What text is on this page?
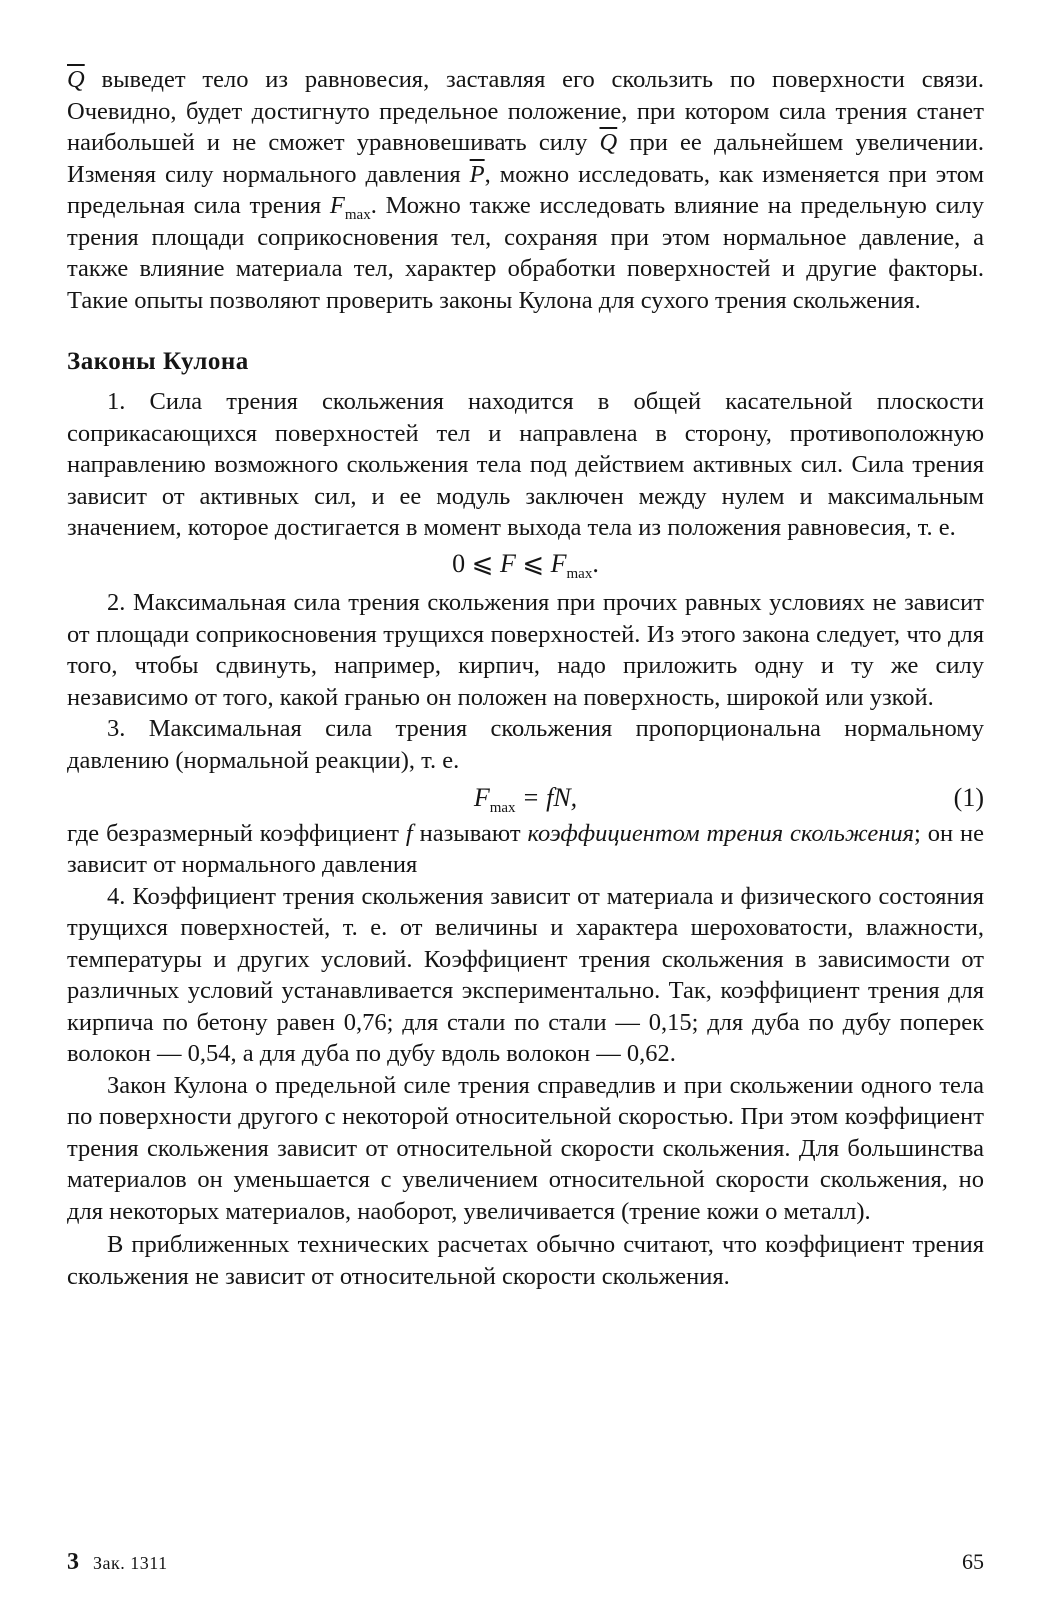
$\overline{Q}$ выведет тело из равновесия, заставляя его скользить по поверхности связи. Очевидно, будет достигнуто предельное положение, при котором сила трения станет наибольшей и не сможет уравновешивать силу $\overline{Q}$ при ее дальнейшем увеличении. Изменяя силу нормального давления $\overline{P}$, можно исследовать, как изменяется при этом предельная сила трения $F_{max}$. Можно также исследовать влияние на предельную силу трения площади соприкосновения тел, сохраняя при этом нормальное давление, а также влияние материала тел, характер обработки поверхностей и другие факторы. Такие опыты позволяют проверить законы Кулона для сухого трения скольжения.

Законы Кулона

1. Сила трения скольжения находится в общей касательной плоскости соприкасающихся поверхностей тел и направлена в сторону, противоположную направлению возможного скольжения тела под действием активных сил. Сила трения зависит от активных сил, и ее модуль заключен между нулем и максимальным значением, которое достигается в момент выхода тела из положения равновесия, т. е.

0 ⩽ F ⩽ $F_{max}$.

2. Максимальная сила трения скольжения при прочих равных условиях не зависит от площади соприкосновения трущихся поверхностей. Из этого закона следует, что для того, чтобы сдвинуть, например, кирпич, надо приложить одну и ту же силу независимо от того, какой гранью он положен на поверхность, широкой или узкой.

3. Максимальная сила трения скольжения пропорциональна нормальному давлению (нормальной реакции), т. е.

$F_{max}$ = fN,	(1)

где безразмерный коэффициент f называют коэффициентом трения скольжения; он не зависит от нормального давления

4. Коэффициент трения скольжения зависит от материала и физического состояния трущихся поверхностей, т. е. от величины и характера шероховатости, влажности, температуры и других условий. Коэффициент трения скольжения в зависимости от различных условий устанавливается экспериментально. Так, коэффициент трения для кирпича по бетону равен 0,76; для стали по стали — 0,15; для дуба по дубу поперек волокон — 0,54, а для дуба по дубу вдоль волокон — 0,62.

Закон Кулона о предельной силе трения справедлив и при скольжении одного тела по поверхности другого с некоторой относительной скоростью. При этом коэффициент трения скольжения зависит от относительной скорости скольжения. Для большинства материалов он уменьшается с увеличением относительной скорости скольжения, но для некоторых материалов, наоборот, увеличивается (трение кожи о металл).

В приближенных технических расчетах обычно считают, что коэффициент трения скольжения не зависит от относительной скорости скольжения.

3 Зак. 1311	65
